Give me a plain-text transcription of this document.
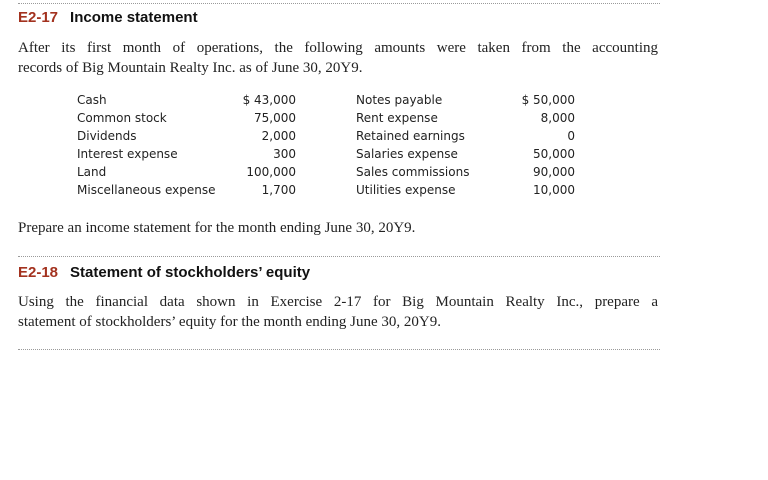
E2-17 Income statement
After its first month of operations, the following amounts were taken from the accounting
records of Big Mountain Realty Inc. as of June 30, 20Y9.
Cash	$ 43,000		Notes payable	$ 50,000
Common stock	75,000		Rent expense	8,000
Dividends	2,000		Retained earnings	0
Interest expense	300		Salaries expense	50,000
Land	100,000		Sales commissions	90,000
Miscellaneous expense	1,700		Utilities expense	10,000
Prepare an income statement for the month ending June 30, 20Y9.
E2-18 Statement of stockholders’ equity
Using the financial data shown in Exercise 2-17 for Big Mountain Realty Inc., prepare a
statement of stockholders’ equity for the month ending June 30, 20Y9.
